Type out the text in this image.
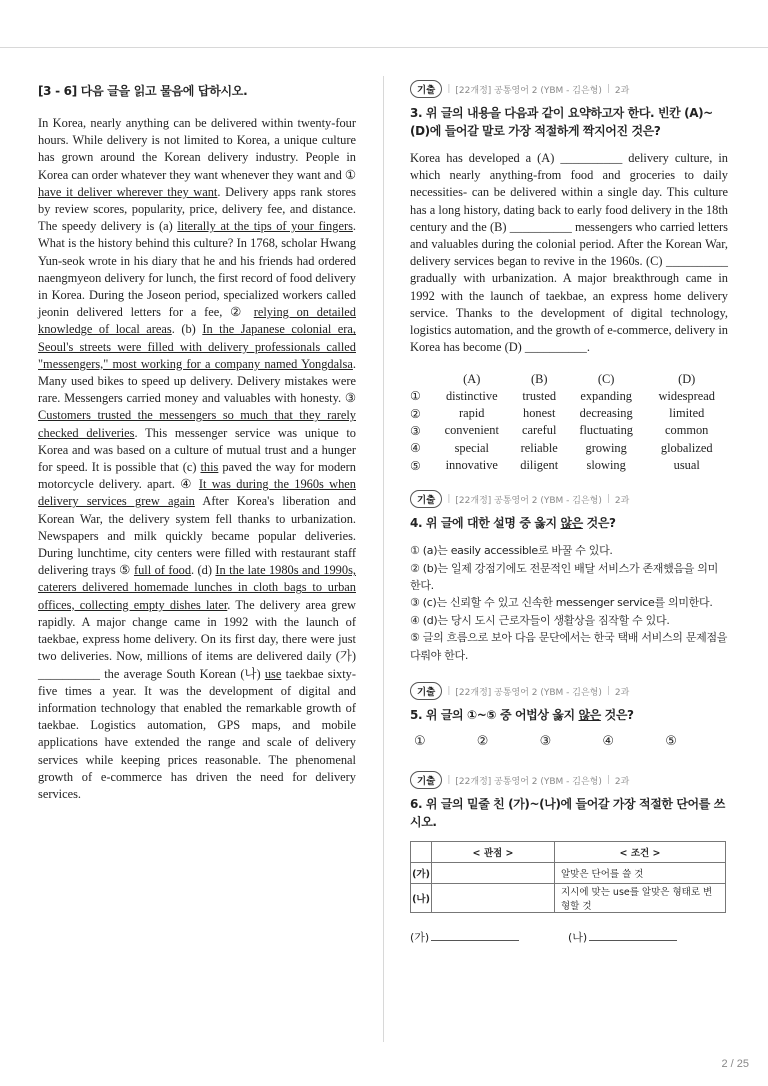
[3 - 6] 다음 글을 읽고 물음에 답하시오.

In Korea, nearly anything can be delivered within twenty-four hours. While delivery is not limited to Korea, a unique culture has grown around the Korean delivery industry. People in Korea can order whatever they want whenever they want and ① have it deliver wherever they want. Delivery apps rank stores by review scores, popularity, price, delivery fee, and distance. The speedy delivery is (a) literally at the tips of your fingers. What is the history behind this culture? In 1768, scholar Hwang Yun-seok wrote in his diary that he and his friends had ordered naengmyeon delivery for lunch, the first record of food delivery in Korea. During the Joseon period, specialized workers called jeonin delivered letters for a fee, ② relying on detailed knowledge of local areas. (b) In the Japanese colonial era, Seoul's streets were filled with delivery professionals called "messengers," most working for a company named Yongdalsa. Many used bikes to speed up delivery. Delivery mistakes were rare. Messengers carried money and valuables with honesty. ③ Customers trusted the messengers so much that they rarely checked deliveries. This messenger service was unique to Korea and was based on a culture of mutual trust and a hunger for speed. It is possible that (c) this paved the way for modern motorcycle delivery. apart. ④ It was during the 1960s when delivery services grew again After Korea's liberation and Korean War, the delivery system fell thanks to urbanization. Newspapers and milk quickly became popular deliveries. During lunchtime, city centers were filled with restaurant staff delivering trays ⑤ full of food. (d) In the late 1980s and 1990s, caterers delivered homemade lunches in cloth bags to urban offices, collecting empty dishes later. The delivery area grew rapidly. A major change came in 1992 with the launch of taekbae, express home delivery. On its first day, there were just two deliveries. Now, millions of items are delivered daily (가) __________ the average South Korean (나) use taekbae sixty-five times a year. It was the development of digital and information technology that enabled the remarkable growth of taekbae. Logistics automation, GPS maps, and mobile applications have extended the range and scale of delivery services while keeping prices reasonable. The phenomenal growth of e-commerce has driven the need for delivery services.

기출	| [22개정] 공통영어 2 (YBM - 김은형) | 2과
3. 위 글의 내용을 다음과 같이 요약하고자 한다. 빈칸 (A)~(D)에 들어갈 말로 가장 적절하게 짝지어진 것은?

Korea has developed a (A) __________ delivery culture, in which nearly anything-from food and groceries to daily necessities- can be delivered within a single day. This culture has a long history, dating back to early food delivery in the 18th century and the (B) __________ messengers who carried letters and valuables during the colonial period. After the Korean War, delivery services began to revive in the 1960s. (C) __________ gradually with urbanization. A major breakthrough came in 1992 with the launch of taekbae, an express home delivery service. Thanks to the development of digital technology, logistics automation, and the growth of e-commerce, delivery in Korea has become (D) __________.

	(A)	(B)	(C)	(D)
①	distinctive	trusted	expanding	widespread
②	rapid	honest	decreasing	limited
③	convenient	careful	fluctuating	common
④	special	reliable	growing	globalized
⑤	innovative	diligent	slowing	usual
기출	| [22개정] 공통영어 2 (YBM - 김은형) | 2과
4. 위 글에 대한 설명 중 옳지 않은 것은?
① (a)는 easily accessible로 바꿀 수 있다.
② (b)는 일제 강점기에도 전문적인 배달 서비스가 존재했음을 의미한다.
③ (c)는 신뢰할 수 있고 신속한 messenger service를 의미한다.
④ (d)는 당시 도시 근로자들이 생활상을 짐작할 수 있다.
⑤ 글의 흐름으로 보아 다음 문단에서는 한국 택배 서비스의 문제점을 다뤄야 한다.
기출	| [22개정] 공통영어 2 (YBM - 김은형) | 2과
5. 위 글의 ①~⑤ 중 어법상 옳지 않은 것은?
①	②	③	④	⑤
기출	| [22개정] 공통영어 2 (YBM - 김은형) | 2과
6. 위 글의 밑줄 친 (가)~(나)에 들어갈 가장 적절한 단어를 쓰시오.
	< 관점 >	< 조건 >
(가)		알맞은 단어를 쓸 것
(나)		지시에 맞는 use를 알맞은 형태로 변형할 것
(가)	(나)
2 / 25
